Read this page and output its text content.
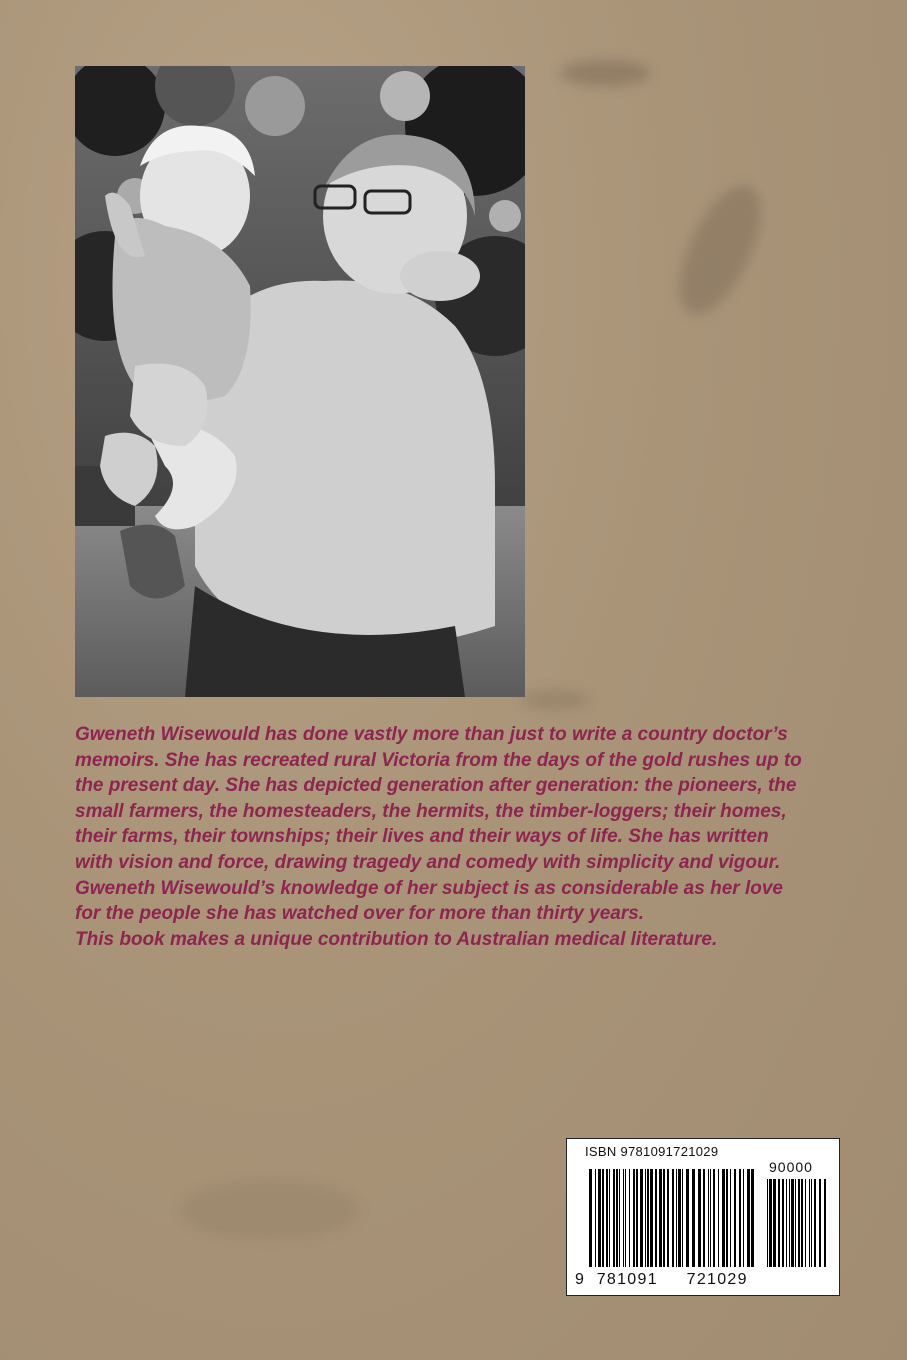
Gweneth Wisewould has done vastly more than just to write a country doctor’s memoirs. She has recreated rural Victoria from the days of the gold rushes up to the present day. She has depicted generation after generation: the pioneers, the small farmers, the homesteaders, the hermits, the timber-loggers; their homes, their farms, their townships; their lives and their ways of life. She has written with vision and force, drawing tragedy and comedy with simplicity and vigour. Gweneth Wisewould’s knowledge of her subject is as considerable as her love for the people she has watched over for more than thirty years.
This book makes a unique contribution to Australian medical literature.

ISBN 9781091721029
90000
9 781091 721029
